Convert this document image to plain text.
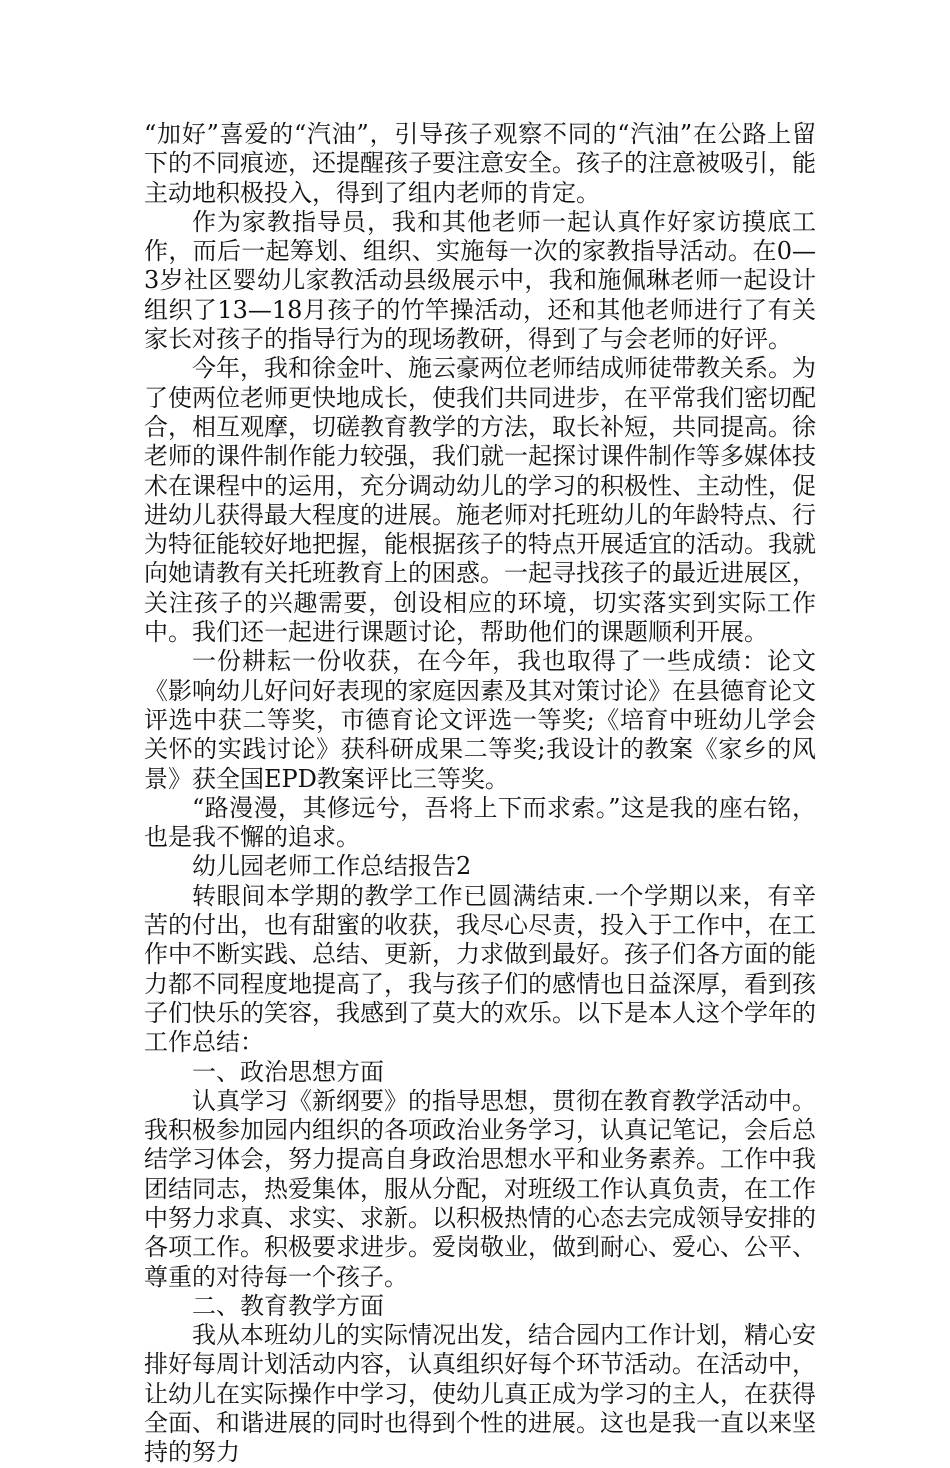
“加好”喜爱的“汽油”，引导孩子观察不同的“汽油”在公路上留下的不同痕迹，还提醒孩子要注意安全。孩子的注意被吸引，能主动地积极投入，得到了组内老师的肯定。

作为家教指导员，我和其他老师一起认真作好家访摸底工作，而后一起筹划、组织、实施每一次的家教指导活动。在0—3岁社区婴幼儿家教活动县级展示中，我和施佩琳老师一起设计组织了13—18月孩子的竹竿操活动，还和其他老师进行了有关家长对孩子的指导行为的现场教研，得到了与会老师的好评。

今年，我和徐金叶、施云豪两位老师结成师徒带教关系。为了使两位老师更快地成长，使我们共同进步，在平常我们密切配合，相互观摩，切磋教育教学的方法，取长补短，共同提高。徐老师的课件制作能力较强，我们就一起探讨课件制作等多媒体技术在课程中的运用，充分调动幼儿的学习的积极性、主动性，促进幼儿获得最大程度的进展。施老师对托班幼儿的年龄特点、行为特征能较好地把握，能根据孩子的特点开展适宜的活动。我就向她请教有关托班教育上的困惑。一起寻找孩子的最近进展区，关注孩子的兴趣需要，创设相应的环境，切实落实到实际工作中。我们还一起进行课题讨论，帮助他们的课题顺利开展。

一份耕耘一份收获，在今年，我也取得了一些成绩：论文《影响幼儿好问好表现的家庭因素及其对策讨论》在县德育论文评选中获二等奖，市德育论文评选一等奖;《培育中班幼儿学会关怀的实践讨论》获科研成果二等奖;我设计的教案《家乡的风景》获全国EPD教案评比三等奖。

“路漫漫，其修远兮，吾将上下而求索。”这是我的座右铭，也是我不懈的追求。

幼儿园老师工作总结报告2

转眼间本学期的教学工作已圆满结束.一个学期以来，有辛苦的付出，也有甜蜜的收获，我尽心尽责，投入于工作中，在工作中不断实践、总结、更新，力求做到最好。孩子们各方面的能力都不同程度地提高了，我与孩子们的感情也日益深厚，看到孩子们快乐的笑容，我感到了莫大的欢乐。以下是本人这个学年的工作总结：

一、政治思想方面

认真学习《新纲要》的指导思想，贯彻在教育教学活动中。我积极参加园内组织的各项政治业务学习，认真记笔记，会后总结学习体会，努力提高自身政治思想水平和业务素养。工作中我团结同志，热爱集体，服从分配，对班级工作认真负责，在工作中努力求真、求实、求新。以积极热情的心态去完成领导安排的各项工作。积极要求进步。爱岗敬业，做到耐心、爱心、公平、尊重的对待每一个孩子。

二、教育教学方面

我从本班幼儿的实际情况出发，结合园内工作计划，精心安排好每周计划活动内容，认真组织好每个环节活动。在活动中，让幼儿在实际操作中学习，使幼儿真正成为学习的主人，在获得全面、和谐进展的同时也得到个性的进展。这也是我一直以来坚持的努力
